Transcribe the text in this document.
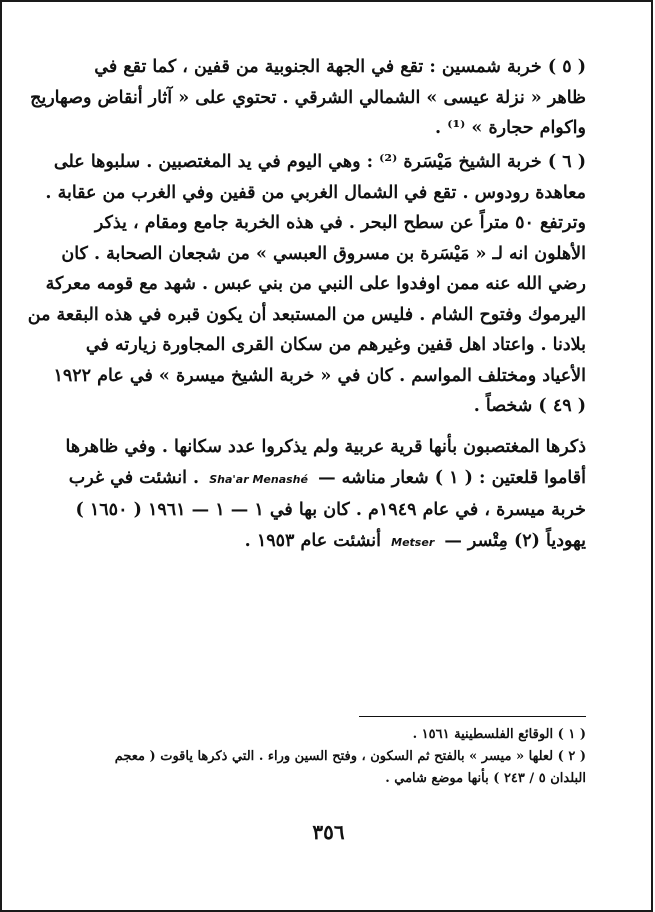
( ٥ ) خربة شمسين : تقع في الجهة الجنوبية من قفين ، كما تقع في
ظاهر « نزلة عيسى » الشمالي الشرقي . تحتوي على « آثار أنقاض وصهاريج
واكوام حجارة » ⁽¹⁾ .
( ٦ ) خربة الشيخ مَيْسَرة ⁽²⁾ : وهي اليوم في يد المغتصبين . سلبوها على
معاهدة رودوس . تقع في الشمال الغربي من قفين وفي الغرب من عقابة .
وترتفع ٥٠ متراً عن سطح البحر . في هذه الخربة جامع ومقام ، يذكر
الأهلون انه لـ « مَيْسَرة بن مسروق العبسي » من شجعان الصحابة . كان
رضي الله عنه ممن اوفدوا على النبي من بني عبس . شهد مع قومه معركة
اليرموك وفتوح الشام . فليس من المستبعد أن يكون قبره في هذه البقعة من
بلادنا . واعتاد اهل قفين وغيرهم من سكان القرى المجاورة زيارته في
الأعياد ومختلف المواسم . كان في « خربة الشيخ ميسرة » في عام ١٩٢٢
( ٤٩ ) شخصاً .
ذكرها المغتصبون بأنها قرية عربية ولم يذكروا عدد سكانها . وفي ظاهرها
أقاموا قلعتين : ( ١ ) شعار مناشه — Sha'ar Menashé . انشئت في غرب
خربة ميسرة ، في عام ١٩٤٩م . كان بها في ١ — ١ — ١٩٦١ ( ١٦٥٠ )
يهودياً (٢) مِتْسر — Metser أنشئت عام ١٩٥٣ .
( ١ ) الوقائع الفلسطينية ١٥٦١ .
( ٢ ) لعلها « ميسر » بالفتح ثم السكون ، وفتح السين وراء . التي ذكرها ياقوت ( معجم
البلدان ٥ / ٢٤٣ ) بأنها موضع شامي .
٣٥٦
